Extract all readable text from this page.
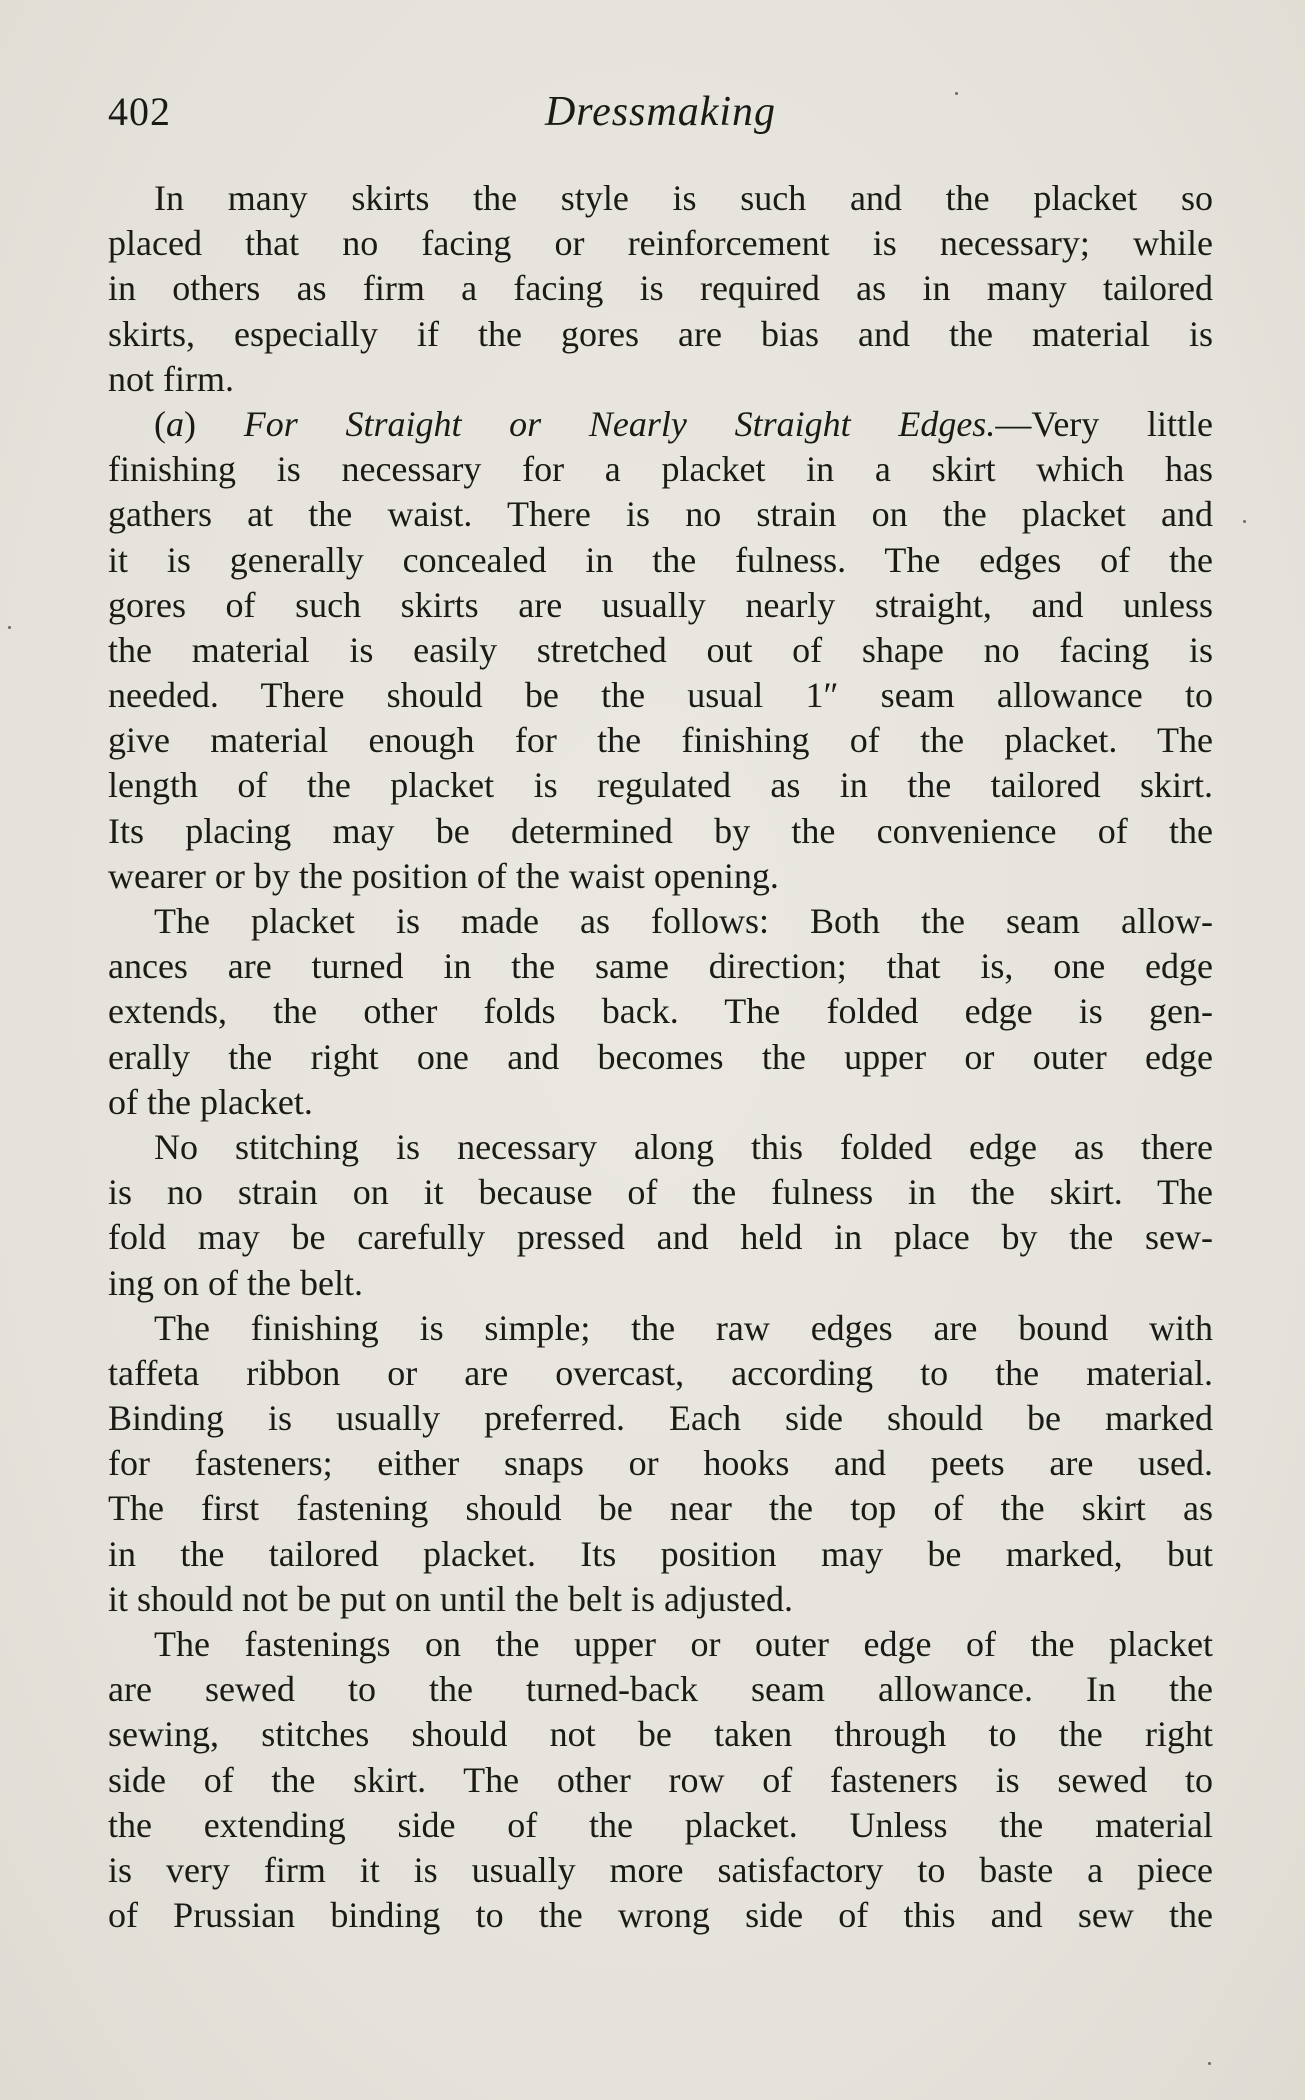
402	Dressmaking
In many skirts the style is such and the placket so
placed that no facing or reinforcement is necessary; while
in others as firm a facing is required as in many tailored
skirts, especially if the gores are bias and the material is
not firm.
(a) For Straight or Nearly Straight Edges.—Very little
finishing is necessary for a placket in a skirt which has
gathers at the waist. There is no strain on the placket and
it is generally concealed in the fulness. The edges of the
gores of such skirts are usually nearly straight, and unless
the material is easily stretched out of shape no facing is
needed. There should be the usual 1″ seam allowance to
give material enough for the finishing of the placket. The
length of the placket is regulated as in the tailored skirt.
Its placing may be determined by the convenience of the
wearer or by the position of the waist opening.
The placket is made as follows: Both the seam allow-
ances are turned in the same direction; that is, one edge
extends, the other folds back. The folded edge is gen-
erally the right one and becomes the upper or outer edge
of the placket.
No stitching is necessary along this folded edge as there
is no strain on it because of the fulness in the skirt. The
fold may be carefully pressed and held in place by the sew-
ing on of the belt.
The finishing is simple; the raw edges are bound with
taffeta ribbon or are overcast, according to the material.
Binding is usually preferred. Each side should be marked
for fasteners; either snaps or hooks and peets are used.
The first fastening should be near the top of the skirt as
in the tailored placket. Its position may be marked, but
it should not be put on until the belt is adjusted.
The fastenings on the upper or outer edge of the placket
are sewed to the turned-back seam allowance. In the
sewing, stitches should not be taken through to the right
side of the skirt. The other row of fasteners is sewed to
the extending side of the placket. Unless the material
is very firm it is usually more satisfactory to baste a piece
of Prussian binding to the wrong side of this and sew the
